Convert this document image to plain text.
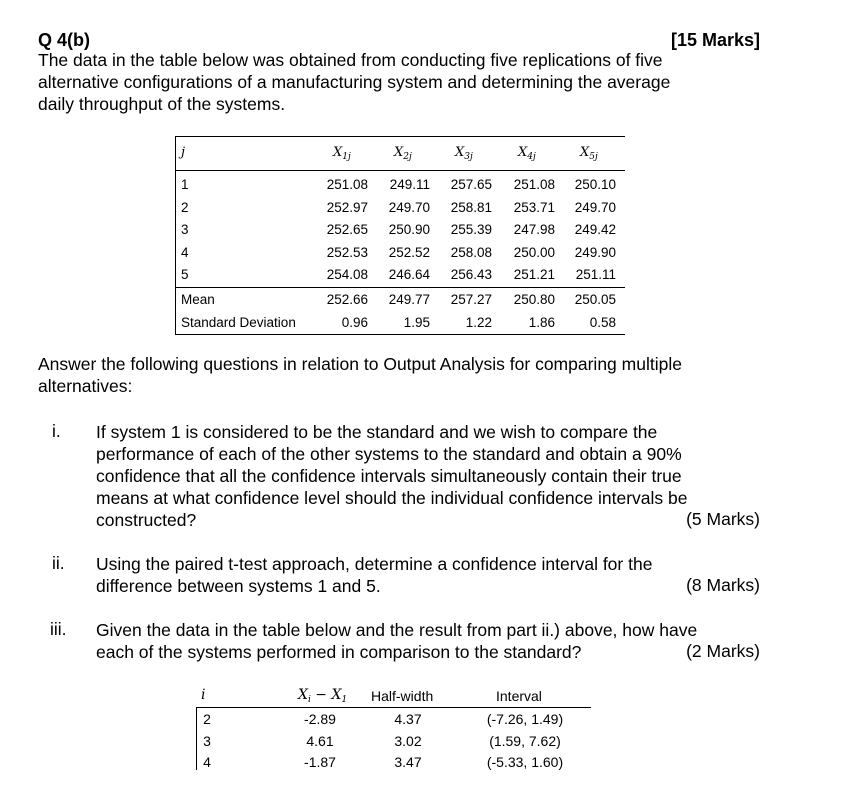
Q 4(b)	[15 Marks]
The data in the table below was obtained from conducting five replications of five
alternative configurations of a manufacturing system and determining the average
daily throughput of the systems.
j	$X_{1j}$	$X_{2j}$	$X_{3j}$	$X_{4j}$	$X_{5j}$
1	251.08	249.11	257.65	251.08	250.10
2	252.97	249.70	258.81	253.71	249.70
3	252.65	250.90	255.39	247.98	249.42
4	252.53	252.52	258.08	250.00	249.90
5	254.08	246.64	256.43	251.21	251.11
Mean	252.66	249.77	257.27	250.80	250.05
Standard Deviation	0.96	1.95	1.22	1.86	0.58
Answer the following questions in relation to Output Analysis for comparing multiple
alternatives:
i. If system 1 is considered to be the standard and we wish to compare the
performance of each of the other systems to the standard and obtain a 90%
confidence that all the confidence intervals simultaneously contain their true
means at what confidence level should the individual confidence intervals be
constructed?	(5 Marks)
ii. Using the paired t-test approach, determine a confidence interval for the
difference between systems 1 and 5.	(8 Marks)
iii. Given the data in the table below and the result from part ii.) above, how have
each of the systems performed in comparison to the standard?	(2 Marks)
i	$X_i - X_1$ Half-width	Interval
2	-2.89	4.37	(-7.26, 1.49)
3	4.61	3.02	(1.59, 7.62)
4	-1.87	3.47	(-5.33, 1.60)
